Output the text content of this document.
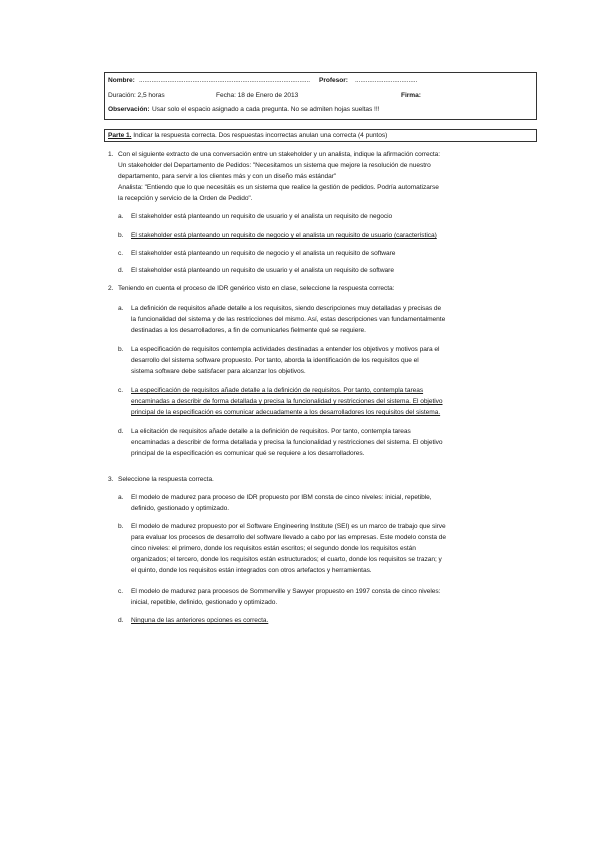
Nombre: ................................................................................................ Profesor: ...................................
Duración: 2,5 horas	Fecha: 18 de Enero de 2013	Firma:
Observación: Usar solo el espacio asignado a cada pregunta. No se admiten hojas sueltas !!!
Parte 1. Indicar la respuesta correcta. Dos respuestas incorrectas anulan una correcta (4 puntos)
1. Con el siguiente extracto de una conversación entre un stakeholder y un analista, indique la afirmación correcta:
Un stakeholder del Departamento de Pedidos: "Necesitamos un sistema que mejore la resolución de nuestro
departamento, para servir a los clientes más y con un diseño más estándar"
Analista: "Entiendo que lo que necesitáis es un sistema que realice la gestión de pedidos. Podría automatizarse
la recepción y servicio de la Orden de Pedido".
a. El stakeholder está planteando un requisito de usuario y el analista un requisito de negocio
b. El stakeholder está planteando un requisito de negocio y el analista un requisito de usuario (característica)
c. El stakeholder está planteando un requisito de negocio y el analista un requisito de software
d. El stakeholder está planteando un requisito de usuario y el analista un requisito de software
2. Teniendo en cuenta el proceso de IDR genérico visto en clase, seleccione la respuesta correcta:
a. La definición de requisitos añade detalle a los requisitos, siendo descripciones muy detalladas y precisas de
la funcionalidad del sistema y de las restricciones del mismo. Así, estas descripciones van fundamentalmente
destinadas a los desarrolladores, a fin de comunicarles fielmente qué se requiere.
b. La especificación de requisitos contempla actividades destinadas a entender los objetivos y motivos para el
desarrollo del sistema software propuesto. Por tanto, aborda la identificación de los requisitos que el
sistema software debe satisfacer para alcanzar los objetivos.
c. La especificación de requisitos añade detalle a la definición de requisitos. Por tanto, contempla tareas
encaminadas a describir de forma detallada y precisa la funcionalidad y restricciones del sistema. El objetivo
principal de la especificación es comunicar adecuadamente a los desarrolladores los requisitos del sistema.
d. La elicitación de requisitos añade detalle a la definición de requisitos. Por tanto, contempla tareas
encaminadas a describir de forma detallada y precisa la funcionalidad y restricciones del sistema. El objetivo
principal de la especificación es comunicar qué se requiere a los desarrolladores.
3. Seleccione la respuesta correcta.
a. El modelo de madurez para proceso de IDR propuesto por IBM consta de cinco niveles: inicial, repetible,
definido, gestionado y optimizado.
b. El modelo de madurez propuesto por el Software Engineering Institute (SEI) es un marco de trabajo que sirve
para evaluar los procesos de desarrollo del software llevado a cabo por las empresas. Este modelo consta de
cinco niveles: el primero, donde los requisitos están escritos; el segundo donde los requisitos están
organizados; el tercero, donde los requisitos están estructurados; el cuarto, donde los requisitos se trazan; y
el quinto, donde los requisitos están integrados con otros artefactos y herramientas.
c. El modelo de madurez para procesos de Sommerville y Sawyer propuesto en 1997 consta de cinco niveles:
inicial, repetible, definido, gestionado y optimizado.
d. Ninguna de las anteriores opciones es correcta.
